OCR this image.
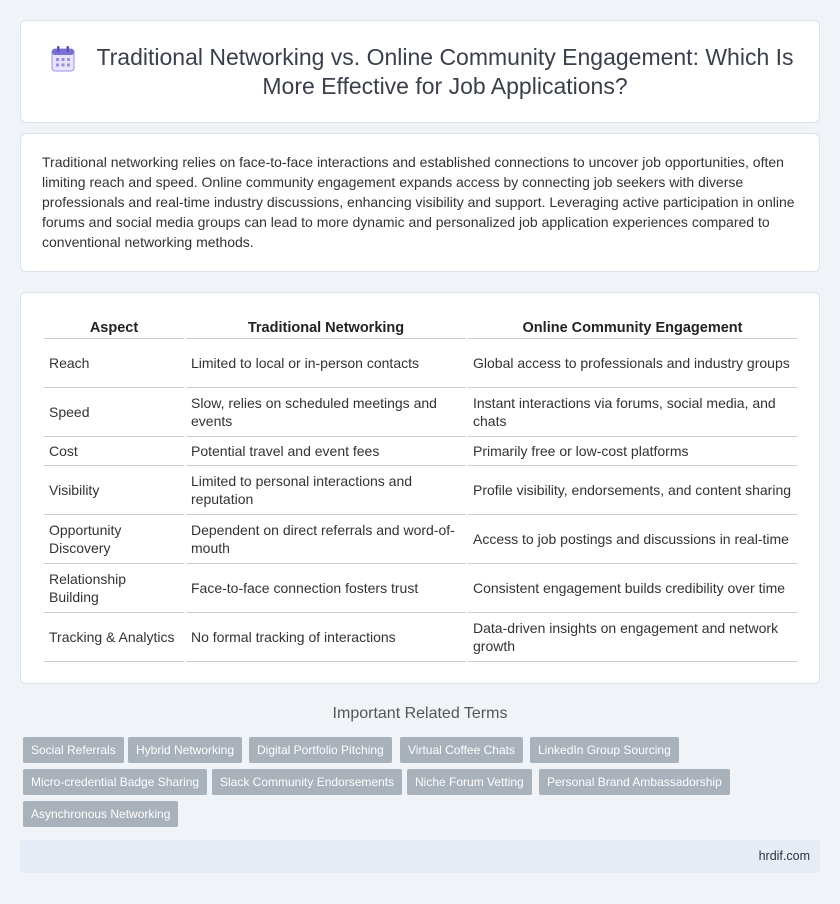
Traditional Networking vs. Online Community Engagement: Which Is More Effective for Job Applications?

Traditional networking relies on face-to-face interactions and established connections to uncover job opportunities, often limiting reach and speed. Online community engagement expands access by connecting job seekers with diverse professionals and real-time industry discussions, enhancing visibility and support. Leveraging active participation in online forums and social media groups can lead to more dynamic and personalized job application experiences compared to conventional networking methods.

Aspect	Traditional Networking	Online Community Engagement
Reach	Limited to local or in-person contacts	Global access to professionals and industry groups
Speed	Slow, relies on scheduled meetings and events	Instant interactions via forums, social media, and chats
Cost	Potential travel and event fees	Primarily free or low-cost platforms
Visibility	Limited to personal interactions and reputation	Profile visibility, endorsements, and content sharing
Opportunity Discovery	Dependent on direct referrals and word-of-mouth	Access to job postings and discussions in real-time
Relationship Building	Face-to-face connection fosters trust	Consistent engagement builds credibility over time
Tracking & Analytics	No formal tracking of interactions	Data-driven insights on engagement and network growth
Important Related Terms
Social Referrals	Hybrid Networking	Digital Portfolio Pitching	Virtual Coffee Chats	LinkedIn Group Sourcing
Micro-credential Badge Sharing	Slack Community Endorsements	Niche Forum Vetting	Personal Brand Ambassadorship
Asynchronous Networking
hrdif.com
